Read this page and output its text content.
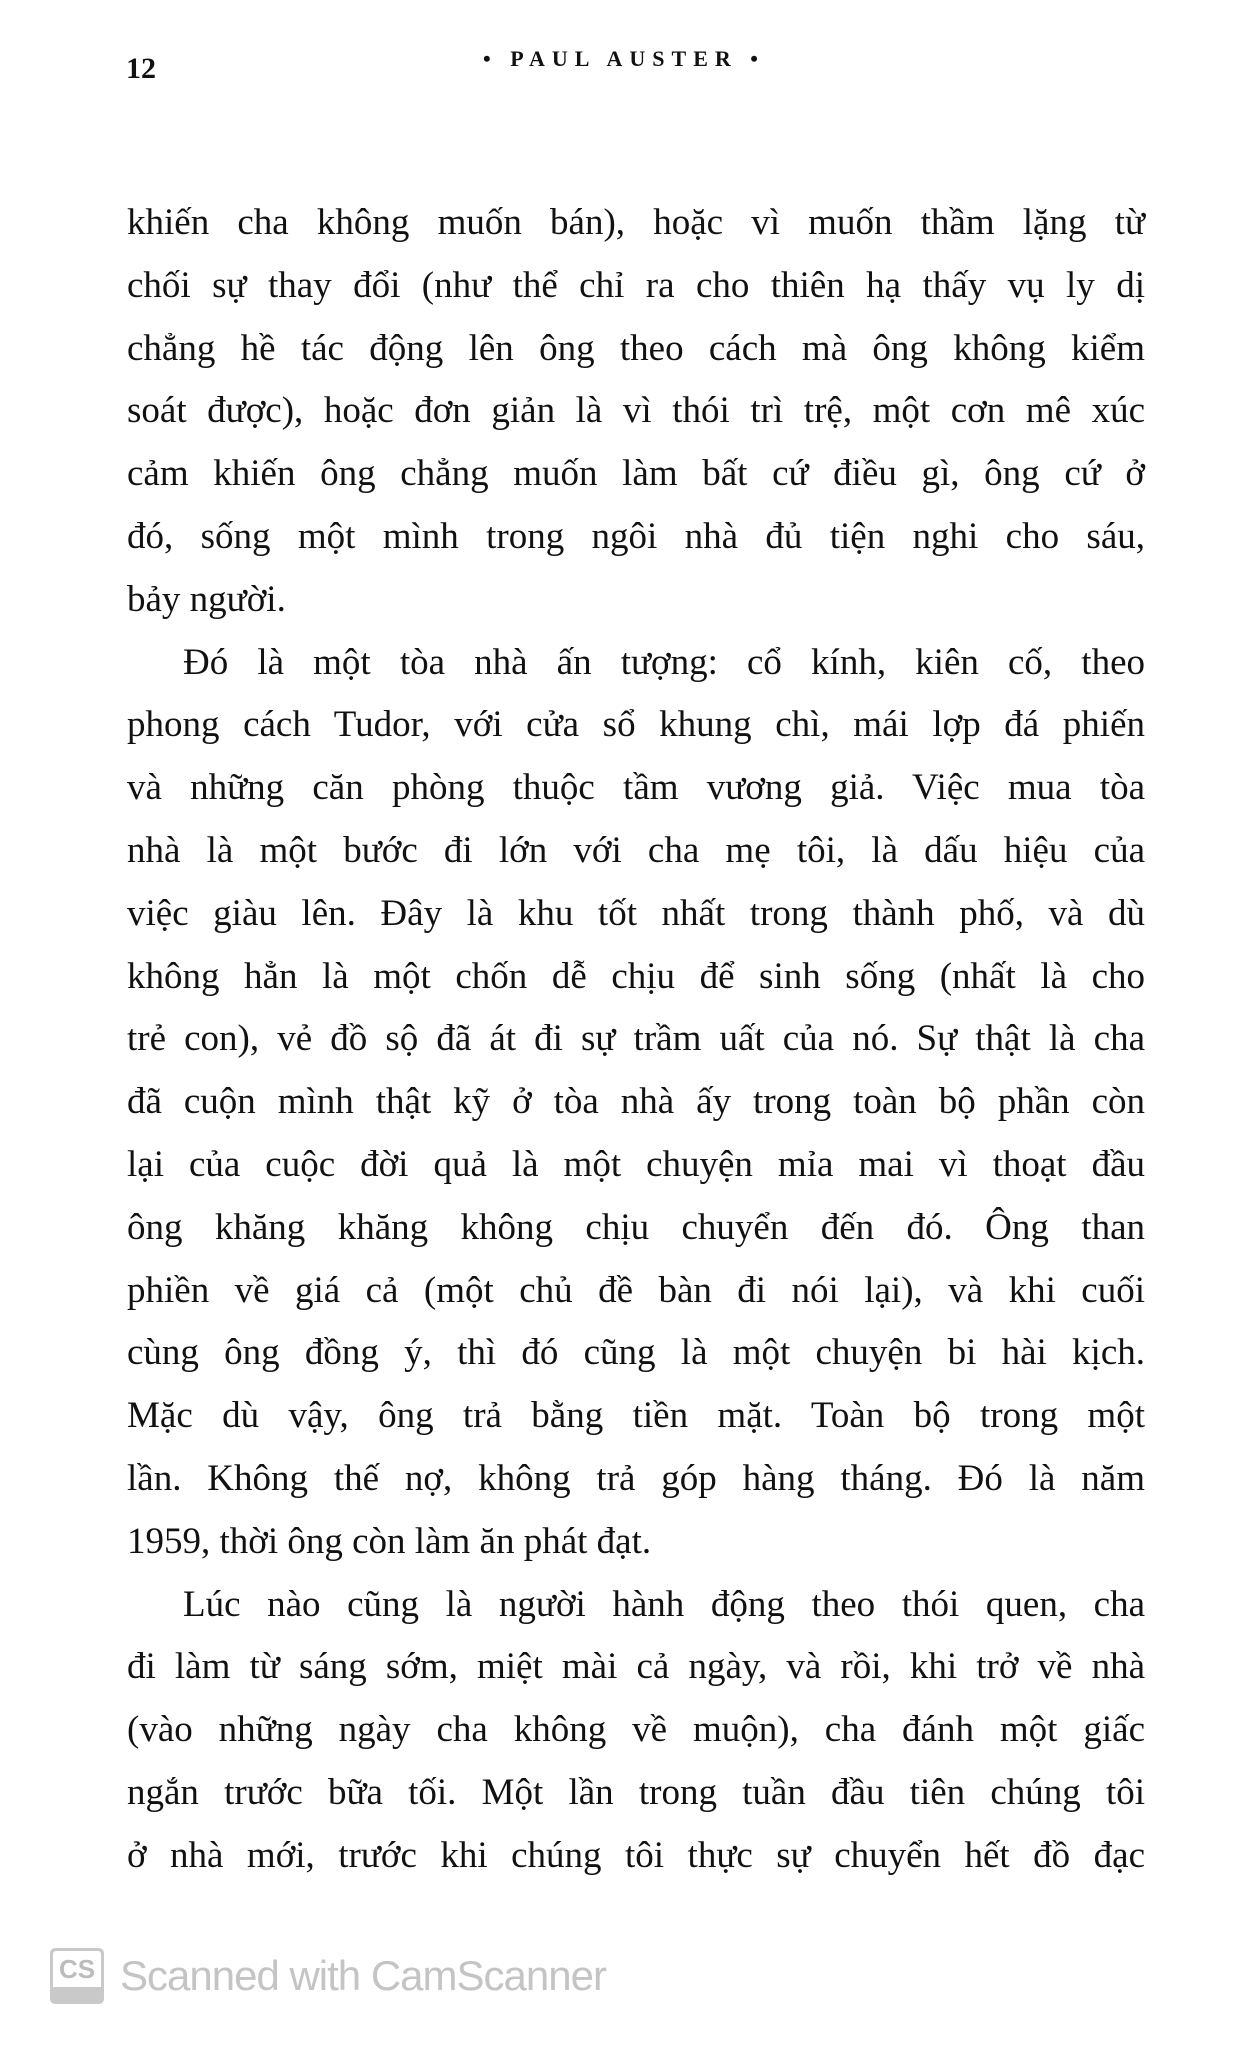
12	• PAUL AUSTER •
khiến cha không muốn bán), hoặc vì muốn thầm lặng từ
chối sự thay đổi (như thể chỉ ra cho thiên hạ thấy vụ ly dị
chẳng hề tác động lên ông theo cách mà ông không kiểm
soát được), hoặc đơn giản là vì thói trì trệ, một cơn mê xúc
cảm khiến ông chẳng muốn làm bất cứ điều gì, ông cứ ở
đó, sống một mình trong ngôi nhà đủ tiện nghi cho sáu,
bảy người.
Đó là một tòa nhà ấn tượng: cổ kính, kiên cố, theo
phong cách Tudor, với cửa sổ khung chì, mái lợp đá phiến
và những căn phòng thuộc tầm vương giả. Việc mua tòa
nhà là một bước đi lớn với cha mẹ tôi, là dấu hiệu của
việc giàu lên. Đây là khu tốt nhất trong thành phố, và dù
không hẳn là một chốn dễ chịu để sinh sống (nhất là cho
trẻ con), vẻ đồ sộ đã át đi sự trầm uất của nó. Sự thật là cha
đã cuộn mình thật kỹ ở tòa nhà ấy trong toàn bộ phần còn
lại của cuộc đời quả là một chuyện mỉa mai vì thoạt đầu
ông khăng khăng không chịu chuyển đến đó. Ông than
phiền về giá cả (một chủ đề bàn đi nói lại), và khi cuối
cùng ông đồng ý, thì đó cũng là một chuyện bi hài kịch.
Mặc dù vậy, ông trả bằng tiền mặt. Toàn bộ trong một
lần. Không thế nợ, không trả góp hàng tháng. Đó là năm
1959, thời ông còn làm ăn phát đạt.
Lúc nào cũng là người hành động theo thói quen, cha
đi làm từ sáng sớm, miệt mài cả ngày, và rồi, khi trở về nhà
(vào những ngày cha không về muộn), cha đánh một giấc
ngắn trước bữa tối. Một lần trong tuần đầu tiên chúng tôi
ở nhà mới, trước khi chúng tôi thực sự chuyển hết đồ đạc
CS Scanned with CamScanner
